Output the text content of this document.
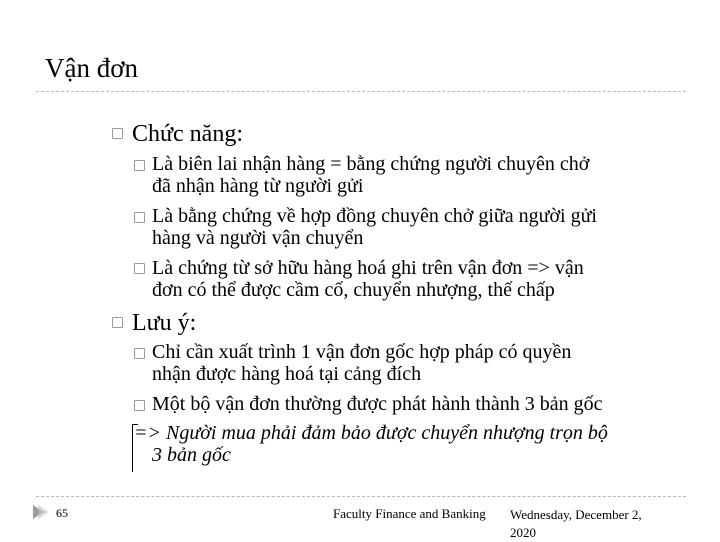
Vận đơn
Chức năng:
Là biên lai nhận hàng = bằng chứng người chuyên chở
đã nhận hàng từ người gửi
Là bằng chứng về hợp đồng chuyên chở giữa người gửi
hàng và người vận chuyển
Là chứng từ sở hữu hàng hoá ghi trên vận đơn => vận
đơn có thể được cầm cố, chuyển nhượng, thế chấp
Lưu ý:
Chỉ cần xuất trình 1 vận đơn gốc hợp pháp có quyền
nhận được hàng hoá tại cảng đích
Một bộ vận đơn thường được phát hành thành 3 bản gốc
=> Người mua phải đảm bảo được chuyển nhượng trọn bộ
3 bản gốc
65	Faculty Finance and Banking Wednesday, December 2,
2020
